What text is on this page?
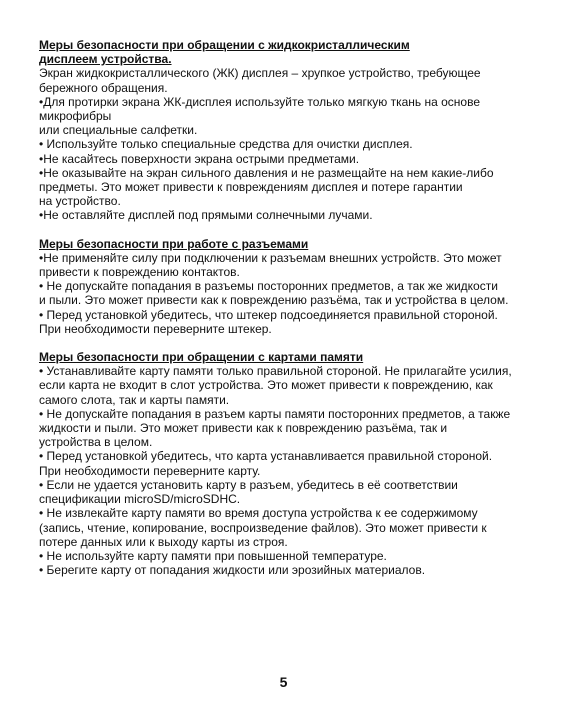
Меры безопасности при обращении с жидкокристаллическим

дисплеем устройства.

Экран жидкокристаллического (ЖК) дисплея – хрупкое устройство, требующее

бережного обращения.

•Для протирки экрана ЖК-дисплея используйте только мягкую ткань на основе

микрофибры

или специальные салфетки.

• Используйте только специальные средства для очистки дисплея.

•Не касайтесь поверхности экрана острыми предметами.

•Не оказывайте на экран сильного давления и не размещайте на нем какие-либо

предметы. Это может привести к повреждениям дисплея и потере гарантии

на устройство.

•Не оставляйте дисплей под прямыми солнечными лучами.

Меры безопасности при работе с разъемами

•Не применяйте силу при подключении к разъемам внешних устройств. Это может

привести к повреждению контактов.

• Не допускайте попадания в разъемы посторонних предметов, а так же жидкости

и пыли. Это может привести как к повреждению разъёма, так и устройства в целом.

• Перед установкой убедитесь, что штекер подсоединяется правильной стороной.

При необходимости переверните штекер.

Меры безопасности при обращении с картами памяти

• Устанавливайте карту памяти только правильной стороной. Не прилагайте усилия,

если карта не входит в слот устройства. Это может привести к повреждению, как

самого слота, так и карты памяти.

• Не допускайте попадания в разъем карты памяти посторонних предметов, а также

жидкости и пыли. Это может привести как к повреждению разъёма, так и

устройства в целом.

• Перед установкой убедитесь, что карта устанавливается правильной стороной.

При необходимости переверните карту.

• Если не удается установить карту в разъем, убедитесь в её соответствии

спецификации microSD/microSDHC.

• Не извлекайте карту памяти во время доступа устройства к ее содержимому

(запись, чтение, копирование, воспроизведение файлов). Это может привести к

потере данных или к выходу карты из строя.

• Не используйте карту памяти при повышенной температуре.

• Берегите карту от попадания жидкости или эрозийных материалов.

5
